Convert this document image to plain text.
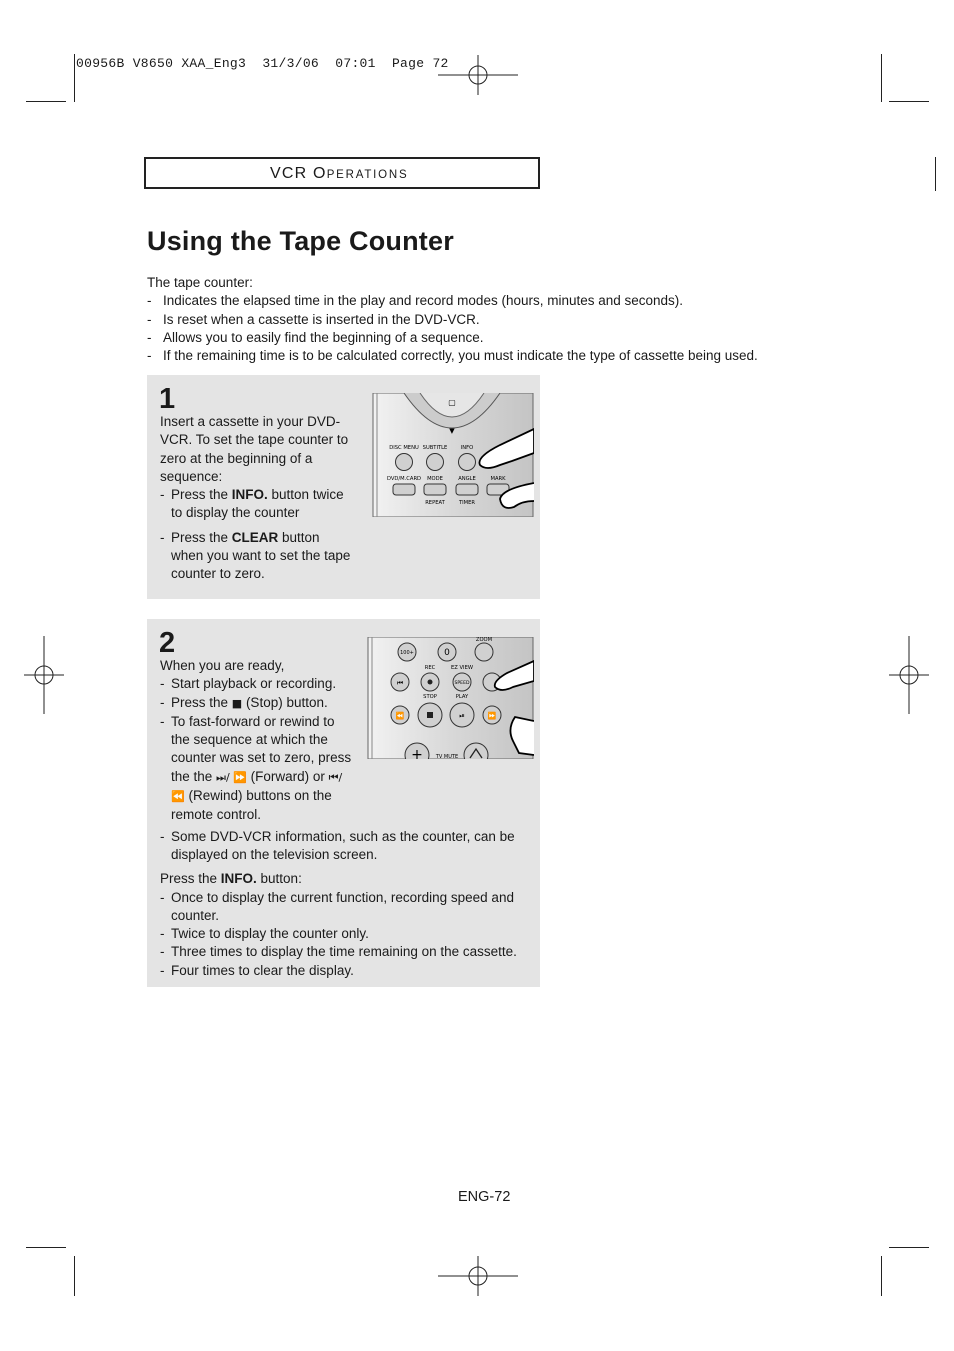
00956B V8650 XAA_Eng3  31/3/06  07:01  Page 72
VCR OPERATIONS
Using the Tape Counter

The tape counter:

- Indicates the elapsed time in the play and record modes (hours, minutes and seconds).
- Is reset when a cassette is inserted in the DVD-VCR.
- Allows you to easily find the beginning of a sequence.
- If the remaining time is to be calculated correctly, you must indicate the type of cassette being used.
1

Insert a cassette in your DVD-VCR. To set the tape counter to zero at the beginning of a sequence:

- Press the INFO. button twice to display the counter
- Press the CLEAR button when you want to set the tape counter to zero.
▢
▼
DISC MENU SUBTITLE	INFO
DVD/M.CARD MODE	ANGLE	MARK
REPEAT	TIMER
2

When you are ready,

- Start playback or recording.
- Press the ■ (Stop) button.
- To fast-forward or rewind to the sequence at which the counter was set to zero, press the the ⏭/ ⏩ (Forward) or ⏮/ ⏪ (Rewind) buttons on the remote control.
- Some DVD-VCR information, such as the counter, can be displayed on the television screen.

Press the INFO. button:

- Once to display the current function, recording speed and counter.
- Twice to display the counter only.
- Three times to display the time remaining on the cassette.
- Four times to clear the display.
ZOOM
100+	0
REC	EZ VIEW
⏮	SPEED
STOP	PLAY
⏪	⏯	⏩
+	TV MUTE
ENG-72
